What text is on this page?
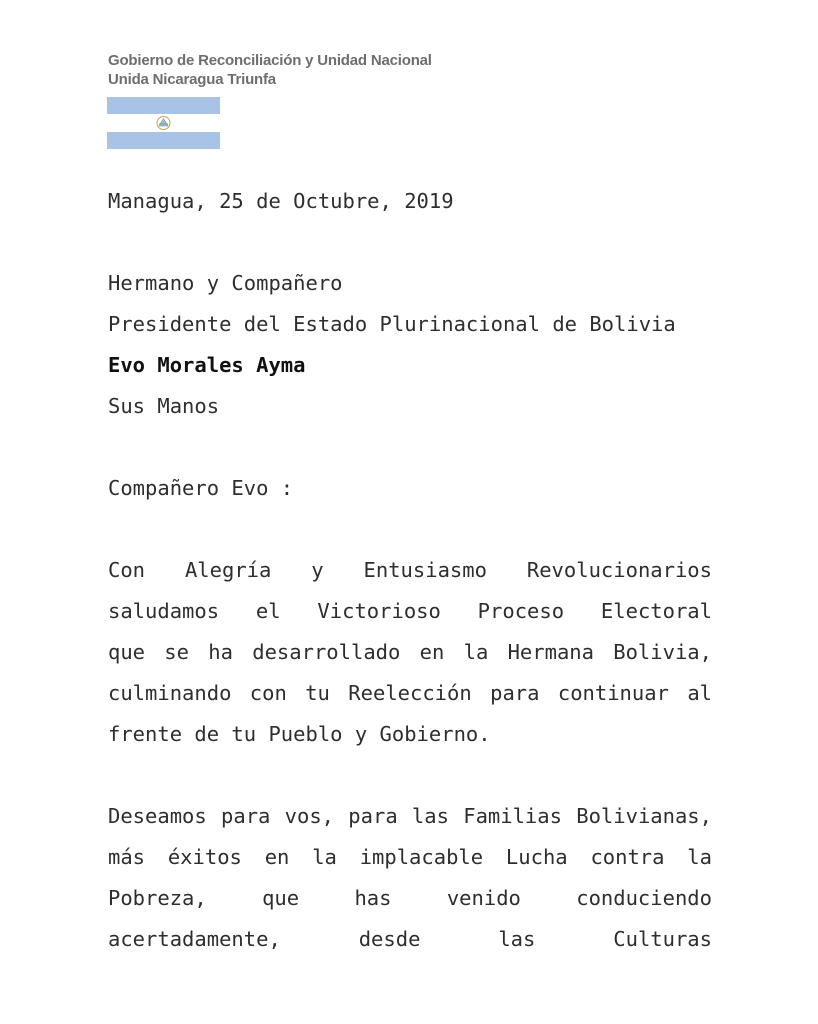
Gobierno de Reconciliación y Unidad Nacional
Unida Nicaragua Triunfa
Managua, 25 de Octubre, 2019
Hermano y Compañero
Presidente del Estado Plurinacional de Bolivia
Evo Morales Ayma
Sus Manos
Compañero Evo :
Con Alegría y Entusiasmo Revolucionarios
saludamos el Victorioso Proceso Electoral
que se ha desarrollado en la Hermana Bolivia,
culminando con tu Reelección para continuar al
frente de tu Pueblo y Gobierno.
Deseamos para vos, para las Familias Bolivianas,
más éxitos en la implacable Lucha contra la
Pobreza, que has venido conduciendo
acertadamente, desde las Culturas
